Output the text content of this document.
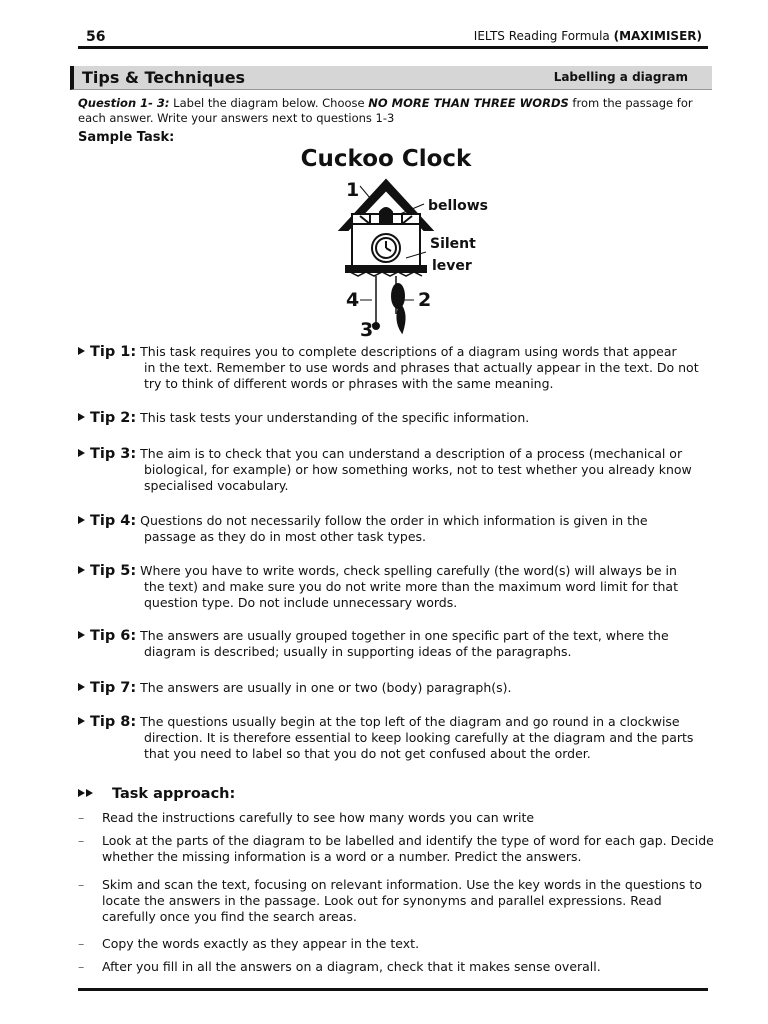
56	IELTS Reading Formula (MAXIMISER)
Tips & Techniques	Labelling a diagram
Question 1- 3: Label the diagram below. Choose NO MORE THAN THREE WORDS from the passage for each answer. Write your answers next to questions 1-3
Sample Task:
Cuckoo Clock
1
bellows
Silent
lever
4	2
3
Tip 1: This task requires you to complete descriptions of a diagram using words that appear
in the text. Remember to use words and phrases that actually appear in the text. Do not try to think of different words or phrases with the same meaning.
Tip 2: This task tests your understanding of the specific information.
Tip 3: The aim is to check that you can understand a description of a process (mechanical or
biological, for example) or how something works, not to test whether you already know specialised vocabulary.
Tip 4: Questions do not necessarily follow the order in which information is given in the
passage as they do in most other task types.
Tip 5: Where you have to write words, check spelling carefully (the word(s) will always be in
the text) and make sure you do not write more than the maximum word limit for that question type. Do not include unnecessary words.
Tip 6: The answers are usually grouped together in one specific part of the text, where the
diagram is described; usually in supporting ideas of the paragraphs.
Tip 7: The answers are usually in one or two (body) paragraph(s).
Tip 8: The questions usually begin at the top left of the diagram and go round in a clockwise
direction. It is therefore essential to keep looking carefully at the diagram and the parts that you need to label so that you do not get confused about the order.
Task approach:
–	Read the instructions carefully to see how many words you can write
–	Look at the parts of the diagram to be labelled and identify the type of word for each gap. Decide whether the missing information is a word or a number. Predict the answers.
–	Skim and scan the text, focusing on relevant information. Use the key words in the questions to locate the answers in the passage. Look out for synonyms and parallel expressions. Read carefully once you find the search areas.
–	Copy the words exactly as they appear in the text.
–	After you fill in all the answers on a diagram, check that it makes sense overall.
